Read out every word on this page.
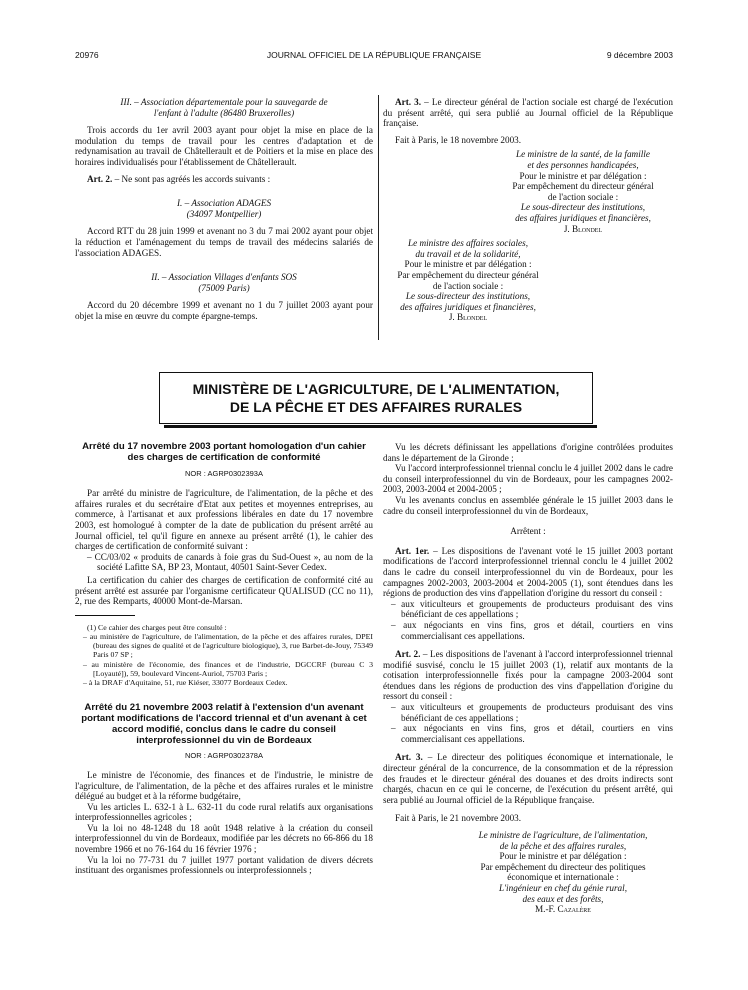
20976	JOURNAL OFFICIEL DE LA RÉPUBLIQUE FRANÇAISE	9 décembre 2003

III. – Association départementale pour la sauvegarde de l'enfant à l'adulte (86480 Bruxerolles)

Trois accords du 1er avril 2003 ayant pour objet la mise en place de la modulation du temps de travail pour les centres d'adaptation et de redynamisation au travail de Châtellerault et de Poitiers et la mise en place des horaires individualisés pour l'établissement de Châtellerault.

Art. 2. – Ne sont pas agréés les accords suivants :

I. – Association ADAGES

(34097 Montpellier)

Accord RTT du 28 juin 1999 et avenant no 3 du 7 mai 2002 ayant pour objet la réduction et l'aménagement du temps de travail des médecins salariés de l'association ADAGES.

II. – Association Villages d'enfants SOS

(75009 Paris)

Accord du 20 décembre 1999 et avenant no 1 du 7 juillet 2003 ayant pour objet la mise en œuvre du compte épargne-temps.

Art. 3. – Le directeur général de l'action sociale est chargé de l'exécution du présent arrêté, qui sera publié au Journal officiel de la République française.

Fait à Paris, le 18 novembre 2003.

Le ministre de la santé, de la famille

et des personnes handicapées,

Pour le ministre et par délégation :

Par empêchement du directeur général

de l'action sociale :

Le sous-directeur des institutions,

des affaires juridiques et financières,

J. Blondel

Le ministre des affaires sociales,

du travail et de la solidarité,

Pour le ministre et par délégation :

Par empêchement du directeur général

de l'action sociale :

Le sous-directeur des institutions,

des affaires juridiques et financières,

J. Blondel

MINISTÈRE DE L'AGRICULTURE, DE L'ALIMENTATION,
DE LA PÊCHE ET DES AFFAIRES RURALES

Arrêté du 17 novembre 2003 portant homologation d'un cahier des charges de certification de conformité

NOR : AGRP0302393A

Par arrêté du ministre de l'agriculture, de l'alimentation, de la pêche et des affaires rurales et du secrétaire d'Etat aux petites et moyennes entreprises, au commerce, à l'artisanat et aux professions libérales en date du 17 novembre 2003, est homologué à compter de la date de publication du présent arrêté au Journal officiel, tel qu'il figure en annexe au présent arrêté (1), le cahier des charges de certification de conformité suivant :

– CC/03/02 « produits de canards à foie gras du Sud-Ouest », au nom de la société Lafitte SA, BP 23, Montaut, 40501 Saint-Sever Cedex.

La certification du cahier des charges de certification de conformité cité au présent arrêté est assurée par l'organisme certificateur QUALISUD (CC no 11), 2, rue des Remparts, 40000 Mont-de-Marsan.

(1) Ce cahier des charges peut être consulté :

– au ministère de l'agriculture, de l'alimentation, de la pêche et des affaires rurales, DPEI (bureau des signes de qualité et de l'agriculture biologique), 3, rue Barbet-de-Jouy, 75349 Paris 07 SP ;
– au ministère de l'économie, des finances et de l'industrie, DGCCRF (bureau C 3 [Loyauté]), 59, boulevard Vincent-Auriol, 75703 Paris ;
– à la DRAF d'Aquitaine, 51, rue Kiéser, 33077 Bordeaux Cedex.

Arrêté du 21 novembre 2003 relatif à l'extension d'un avenant portant modifications de l'accord triennal et d'un avenant à cet accord modifié, conclus dans le cadre du conseil interprofessionnel du vin de Bordeaux

NOR : AGRP0302378A

Le ministre de l'économie, des finances et de l'industrie, le ministre de l'agriculture, de l'alimentation, de la pêche et des affaires rurales et le ministre délégué au budget et à la réforme budgétaire,

Vu les articles L. 632-1 à L. 632-11 du code rural relatifs aux organisations interprofessionnelles agricoles ;

Vu la loi no 48-1248 du 18 août 1948 relative à la création du conseil interprofessionnel du vin de Bordeaux, modifiée par les décrets no 66-866 du 18 novembre 1966 et no 76-164 du 16 février 1976 ;

Vu la loi no 77-731 du 7 juillet 1977 portant validation de divers décrets instituant des organismes professionnels ou interprofessionnels ;

Vu les décrets définissant les appellations d'origine contrôlées produites dans le département de la Gironde ;

Vu l'accord interprofessionnel triennal conclu le 4 juillet 2002 dans le cadre du conseil interprofessionnel du vin de Bordeaux, pour les campagnes 2002-2003, 2003-2004 et 2004-2005 ;

Vu les avenants conclus en assemblée générale le 15 juillet 2003 dans le cadre du conseil interprofessionnel du vin de Bordeaux,

Arrêtent :

Art. 1er. – Les dispositions de l'avenant voté le 15 juillet 2003 portant modifications de l'accord interprofessionnel triennal conclu le 4 juillet 2002 dans le cadre du conseil interprofessionnel du vin de Bordeaux, pour les campagnes 2002-2003, 2003-2004 et 2004-2005 (1), sont étendues dans les régions de production des vins d'appellation d'origine du ressort du conseil :

– aux viticulteurs et groupements de producteurs produisant des vins bénéficiant de ces appellations ;
– aux négociants en vins fins, gros et détail, courtiers en vins commercialisant ces appellations.

Art. 2. – Les dispositions de l'avenant à l'accord interprofessionnel triennal modifié susvisé, conclu le 15 juillet 2003 (1), relatif aux montants de la cotisation interprofessionnelle fixés pour la campagne 2003-2004 sont étendues dans les régions de production des vins d'appellation d'origine du ressort du conseil :

– aux viticulteurs et groupements de producteurs produisant des vins bénéficiant de ces appellations ;
– aux négociants en vins fins, gros et détail, courtiers en vins commercialisant ces appellations.

Art. 3. – Le directeur des politiques économique et internationale, le directeur général de la concurrence, de la consommation et de la répression des fraudes et le directeur général des douanes et des droits indirects sont chargés, chacun en ce qui le concerne, de l'exécution du présent arrêté, qui sera publié au Journal officiel de la République française.

Fait à Paris, le 21 novembre 2003.

Le ministre de l'agriculture, de l'alimentation,

de la pêche et des affaires rurales,

Pour le ministre et par délégation :

Par empêchement du directeur des politiques

économique et internationale :

L'ingénieur en chef du génie rural,

des eaux et des forêts,

M.-F. Cazalère
